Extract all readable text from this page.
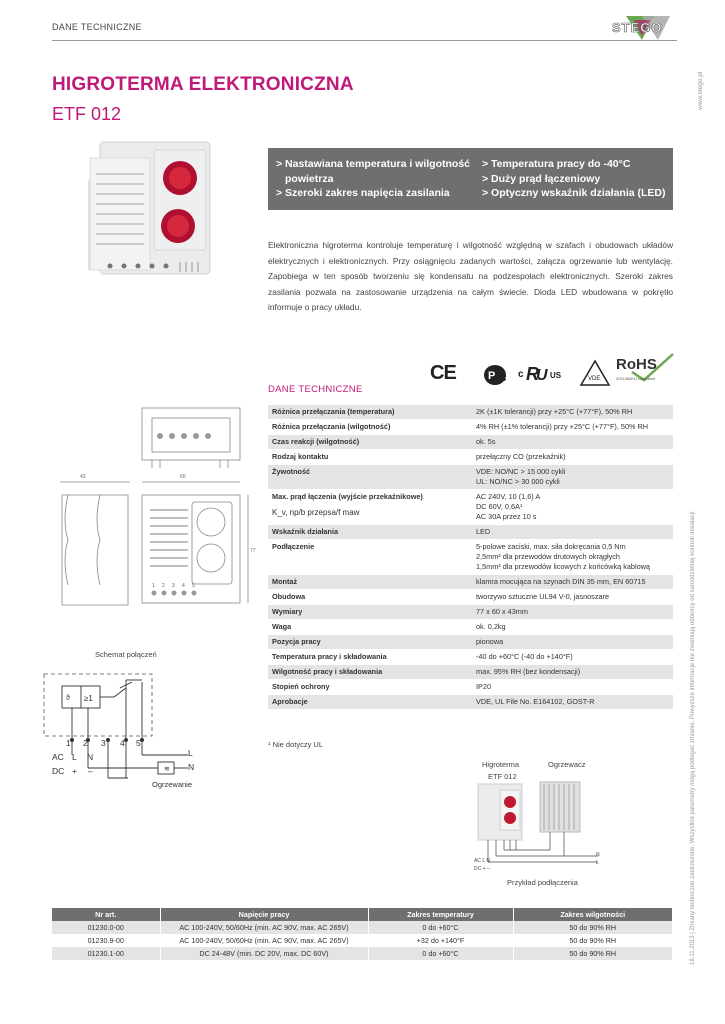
DANE TECHNICZNE	STEGO
www.stego.pl
HIGROTERMA ELEKTRONICZNA
ETF 012
> Nastawiana temperatura i wilgotność powietrza
> Szeroki zakres napięcia zasilania
> Temperatura pracy do -40°C
> Duży prąd łączeniowy
> Optyczny wskaźnik działania (LED)
Elektroniczna higroterma kontroluje temperaturę i wilgotność względną w szafach i obudowach układów elektrycznych i elektronicznych. Przy osiągnięciu zadanych wartości, załącza ogrzewanie lub wentylację. Zapobiega w ten sposób tworzeniu się kondensatu na podzespołach elektronicznych. Szeroki zakres zasilania pozwala na zastosowanie urządzenia na całym świecie. Dioda LED wbudowana w pokrętło informuje o pracy układu.
CE	P C c R
U US	VDE
RoHS
2011/65/EU compliant
DANE TECHNICZNE
Różnica przełączania (temperatura)	2K (±1K tolerancji) przy +25°C (+77°F), 50% RH

Różnica przełączania (wilgotność)	4% RH (±1% tolerancji) przy +25°C (+77°F), 50% RH

Czas reakcji (wilgotność)	ok. 5s

Rodzaj kontaktu	przełączny CO (przekaźnik)

Żywotność	VDE: NO/NC > 15 000 cykli
UL: NO/NC > 30 000 cykli

Max. prąd łączenia (wyjście przekaźnikowe)
K_v, np/b przepsa/f maw	AC 240V, 10 (1,6) A
DC 60V, 0,6A¹
AC 30A przez 10 s

Wskaźnik działania	LED

Podłączenie	5-polowe zaciski, max. siła dokręcania 0,5 Nm
2,5mm² dla przewodów drutowych okrągłych
1,5mm² dla przewodów licowych z końcówką kablową

Montaż	klamra mocująca na szynach DIN 35 mm, EN 60715

Obudowa	tworzywo sztuczne UL94 V-0, jasnoszare

Wymiary	77 x 60 x 43mm

Waga	ok. 0,2kg

Pozycja pracy	pionowa

Temperatura pracy i składowania	-40 do +60°C (-40 do +140°F)

Wilgotność pracy i składowania	max. 95% RH (bez kondensacji)

Stopień ochrony	IP20

Aprobacje	VDE, UL File No. E164102, GOST-R
¹ Nie dotyczy UL
43	60
77
1 2 3 4 5
Schemat połączeń
ϑ ≥1
≋
1 2 3 4 5
AC L N
DC + –
L
N
Ogrzewanie
Higroterma
ETF 012
Ogrzewacz
Przykład podłączenia
AC L N
DC + –
N
L
Nr art.	Napięcie pracy	Zakres temperatury	Zakres wilgotności
01230.0-00	AC 100-240V, 50/60Hz (min. AC 90V, max. AC 265V)	0 do +60°C	50 do 90% RH
01230.9-00	AC 100-240V, 50/60Hz (min. AC 90V, max. AC 265V)	+32 do +140°F	50 do 90% RH
01230.1-00	DC 24-48V (min. DC 20V, max. DC 60V)	0 do +60°C	50 do 90% RH	18.11.2013 | Zmiany techniczne zastrzeżone. Wszystkie parametry mogą podlegać zmianie. Powyższe informacje nie zwalniają odbiorcy od samodzielnej kontroli instalacji.
